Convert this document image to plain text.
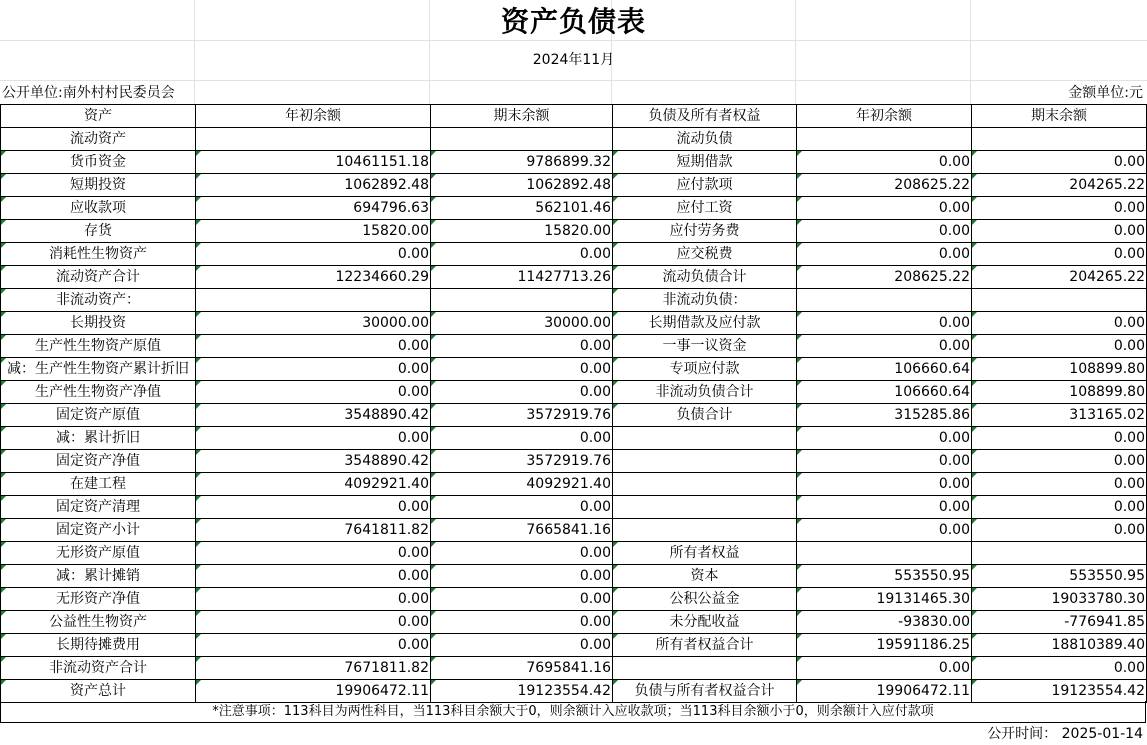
资产负债表
2024年11月
公开单位:南外村村民委员会	金额单位:元
资产	年初余额	期末余额	负债及所有者权益	年初余额	期末余额
流动资产			流动负债		
货币资金	10461151.18	9786899.32	短期借款	0.00	0.00
短期投资	1062892.48	1062892.48	应付款项	208625.22	204265.22
应收款项	694796.63	562101.46	应付工资	0.00	0.00
存货	15820.00	15820.00	应付劳务费	0.00	0.00
消耗性生物资产	0.00	0.00	应交税费	0.00	0.00
流动资产合计	12234660.29	11427713.26	流动负债合计	208625.22	204265.22
非流动资产：			非流动负债：		
长期投资	30000.00	30000.00	长期借款及应付款	0.00	0.00
生产性生物资产原值	0.00	0.00	一事一议资金	0.00	0.00
减：生产性生物资产累计折旧	0.00	0.00	专项应付款	106660.64	108899.80
生产性生物资产净值	0.00	0.00	非流动负债合计	106660.64	108899.80
固定资产原值	3548890.42	3572919.76	负债合计	315285.86	313165.02
减：累计折旧	0.00	0.00		0.00	0.00
固定资产净值	3548890.42	3572919.76		0.00	0.00
在建工程	4092921.40	4092921.40		0.00	0.00
固定资产清理	0.00	0.00		0.00	0.00
固定资产小计	7641811.82	7665841.16		0.00	0.00
无形资产原值	0.00	0.00	所有者权益		
减：累计摊销	0.00	0.00	资本	553550.95	553550.95
无形资产净值	0.00	0.00	公积公益金	19131465.30	19033780.30
公益性生物资产	0.00	0.00	未分配收益	-93830.00	-776941.85
长期待摊费用	0.00	0.00	所有者权益合计	19591186.25	18810389.40
非流动资产合计	7671811.82	7695841.16		0.00	0.00
资产总计	19906472.11	19123554.42	负债与所有者权益合计	19906472.11	19123554.42
*注意事项：113科目为两性科目，当113科目余额大于0，则余额计入应收款项；当113科目余额小于0，则余额计入应付款项
公开时间： 2025-01-14
